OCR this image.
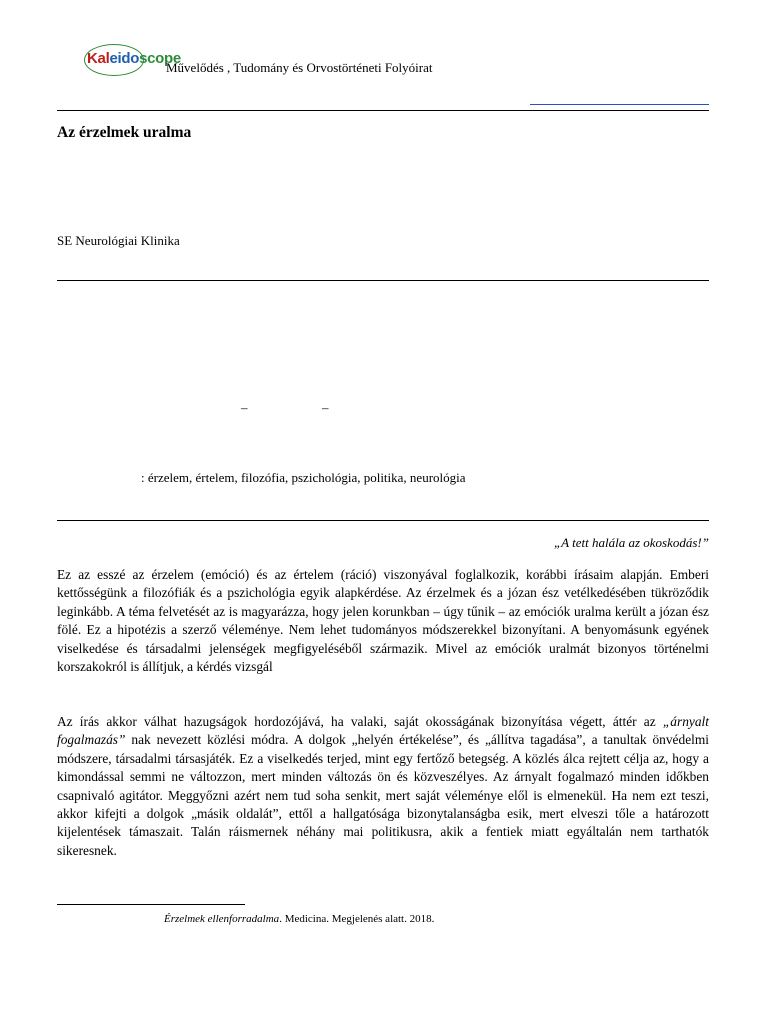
Kaleidoscope
Művelődés , Tudomány és Orvostörténeti Folyóirat
Az érzelmek uralma
SE Neurológiai Klinika
–	–
: érzelem, értelem, filozófia, pszichológia, politika, neurológia
„A tett halála az okoskodás!”

Ez az esszé az érzelem (emóció) és az értelem (ráció) viszonyával foglalkozik, korábbi írásaim alapján. Emberi kettősségünk a filozófiák és a pszichológia egyik alapkérdése. Az érzelmek és a józan ész vetélkedésében tükröződik leginkább. A téma felvetését az is magyarázza, hogy jelen korunkban – úgy tűnik – az emóciók uralma került a józan ész fölé. Ez a hipotézis a szerző véleménye. Nem lehet tudományos módszerekkel bizonyítani. A benyomásunk egyének viselkedése és társadalmi jelenségek megfigyeléséből származik. Mivel az emóciók uralmát bizonyos történelmi korszakokról is állítjuk, a kérdés vizsgál

Az írás akkor válhat hazugságok hordozójává, ha valaki, saját okosságának bizonyítása végett, áttér az „árnyalt fogalmazás” nak nevezett közlési módra. A dolgok „helyén értékelése”, és „állítva tagadása”, a tanultak önvédelmi módszere, társadalmi társasjáték. Ez a viselkedés terjed, mint egy fertőző betegség. A közlés álca rejtett célja az, hogy a kimondással semmi ne változzon, mert minden változás ön és közveszélyes. Az árnyalt fogalmazó minden időkben csapnivaló agitátor. Meggyőzni azért nem tud soha senkit, mert saját véleménye elől is elmenekül. Ha nem ezt teszi, akkor kifejti a dolgok „másik oldalát”, ettől a hallgatósága bizonytalanságba esik, mert elveszi tőle a határozott kijelentések támaszait. Talán ráismernek néhány mai politikusra, akik a fentiek miatt egyáltalán nem tarthatók sikeresnek.

Érzelmek ellenforradalma. Medicina. Megjelenés alatt. 2018.
